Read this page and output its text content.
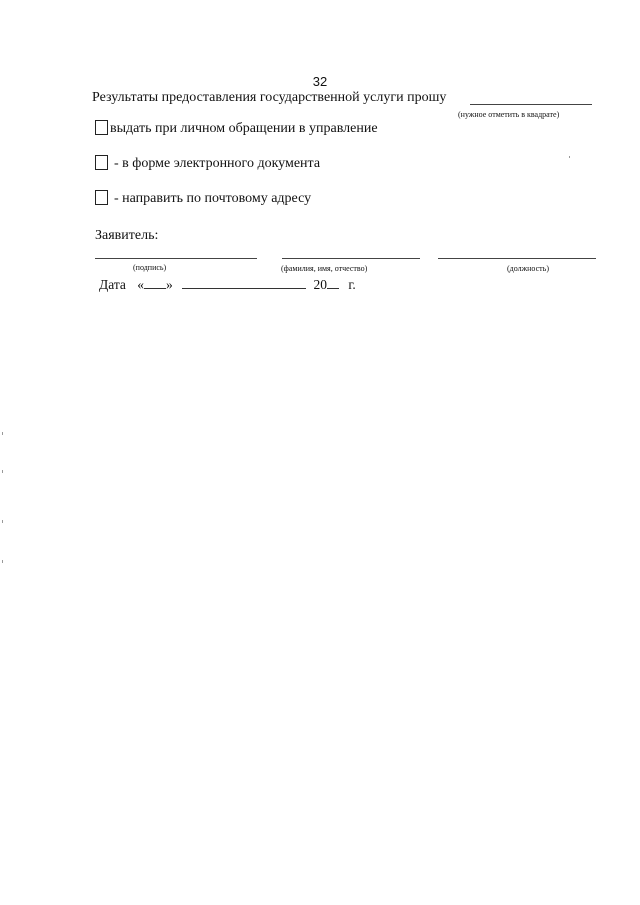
32
Результаты предоставления государственной услуги прошу
(нужное отметить в квадрате)
выдать при личном обращении в управление
- в форме электронного документа
- направить по почтовому адресу
Заявитель:
(подпись)	(фамилия, имя, отчество)	(должность)
Дата « »	20 г.
